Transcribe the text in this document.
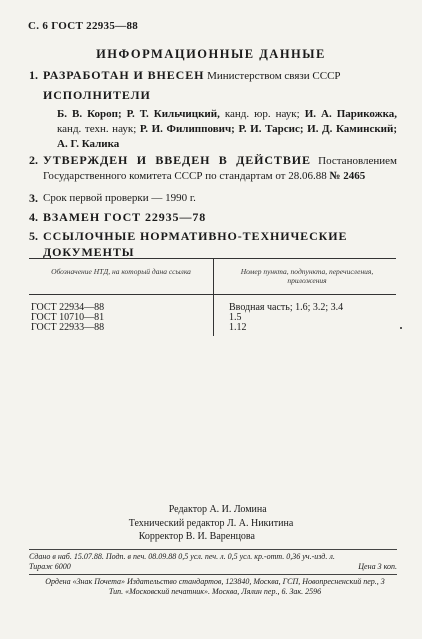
С. 6 ГОСТ 22935—88
ИНФОРМАЦИОННЫЕ ДАННЫЕ
1. РАЗРАБОТАН И ВНЕСЕН Министерством связи СССР
ИСПОЛНИТЕЛИ
Б. В. Короп; Р. Т. Кильчицкий, канд. юр. наук; И. А. Парикожка, канд. техн. наук; Р. И. Филиппович; Р. И. Тарсис; И. Д. Каминский; А. Г. Калика
2. УТВЕРЖДЕН И ВВЕДЕН В ДЕЙСТВИЕ Постановлением Государственного комитета СССР по стандартам от 28.06.88 № 2465
3. Срок первой проверки — 1990 г.
4. ВЗАМЕН ГОСТ 22935—78
5. ССЫЛОЧНЫЕ НОРМАТИВНО-ТЕХНИЧЕСКИЕ ДОКУМЕНТЫ
Обозначение НТД, на который дана ссылка	Номер пункта, подпункта, перечисления, приложения
ГОСТ 22934—88	Вводная часть; 1.6; 3.2; 3.4
ГОСТ 10710—81	1.5
ГОСТ 22933—88	1.12
Редактор А. И. Ломина
Технический редактор Л. А. Никитина
Корректор В. И. Варенцова
Сдано в наб. 15.07.88. Подп. в печ. 08.09.88 0,5 усл. печ. л. 0,5 усл. кр.-отт. 0,36 уч.-изд. л.
Тираж 6000	Цена 3 коп.
Ордена «Знак Почета» Издательство стандартов, 123840, Москва, ГСП, Новопресненский пер., 3
Тип. «Московский печатник». Москва, Лялин пер., 6. Зак. 2596
